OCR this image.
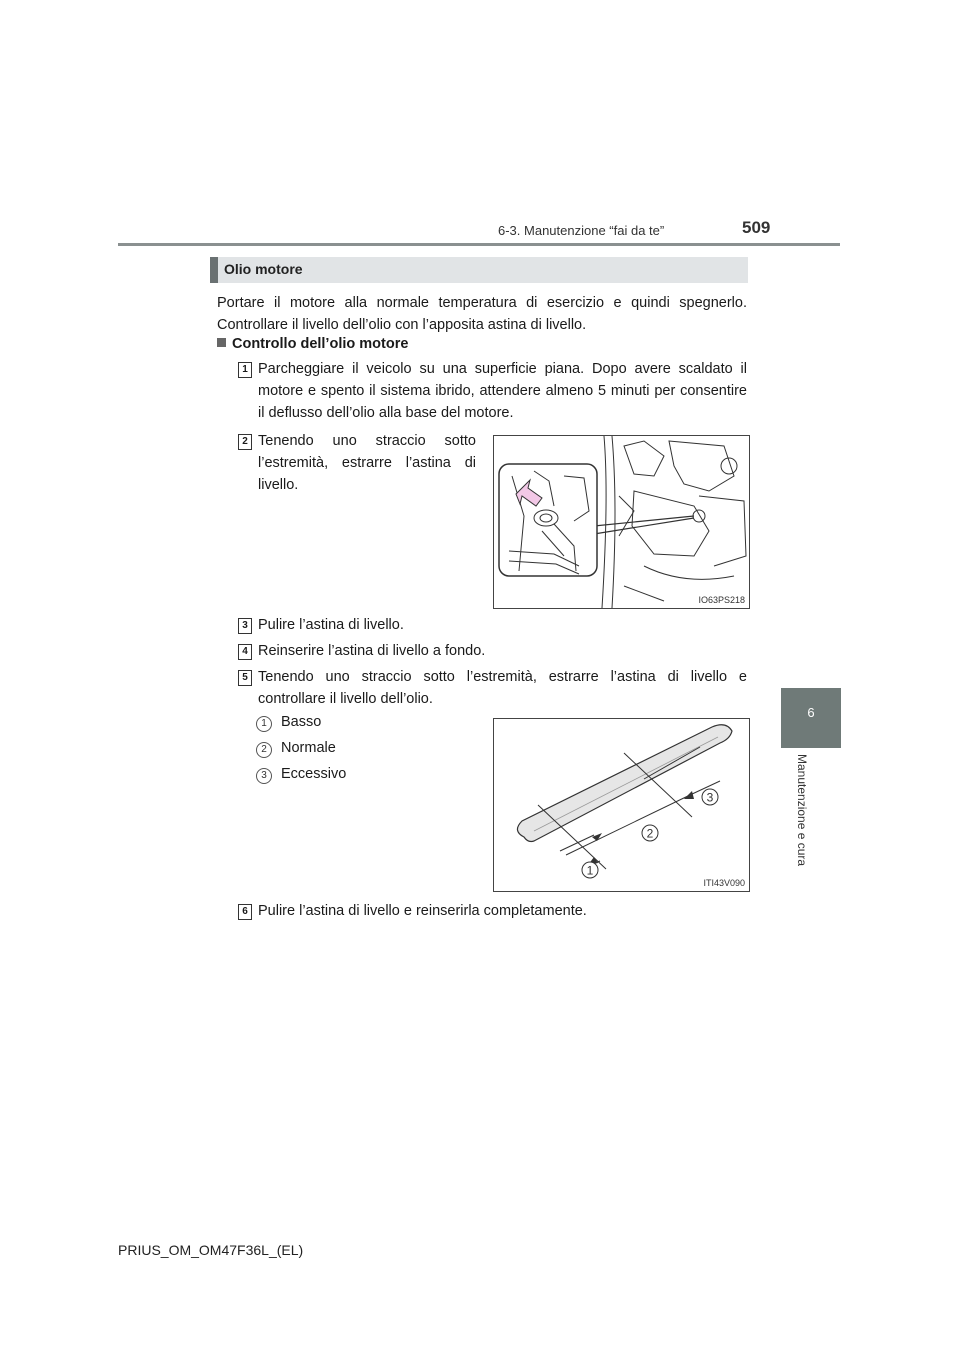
6-3. Manutenzione “fai da te”	509
6
Manutenzione e cura
Olio motore
Portare il motore alla normale temperatura di esercizio e quindi spegnerlo. Controllare il livello dell’olio con l’apposita astina di livello.
Controllo dell’olio motore
1 Parcheggiare il veicolo su una superficie piana. Dopo avere scaldato il motore e spento il sistema ibrido, attendere almeno 5 minuti per consentire il deflusso dell’olio alla base del motore.
2 Tenendo uno straccio sotto l’estremità, estrarre l’astina di livello.
IO63PS218
3 Pulire l’astina di livello.
4 Reinserire l’astina di livello a fondo.
5 Tenendo uno straccio sotto l’estremità, estrarre l’astina di livello e controllare il livello dell’olio.
1 Basso
2 Normale
3 Eccessivo
1
2
3
ITI43V090
6 Pulire l’astina di livello e reinserirla completamente.
PRIUS_OM_OM47F36L_(EL)
